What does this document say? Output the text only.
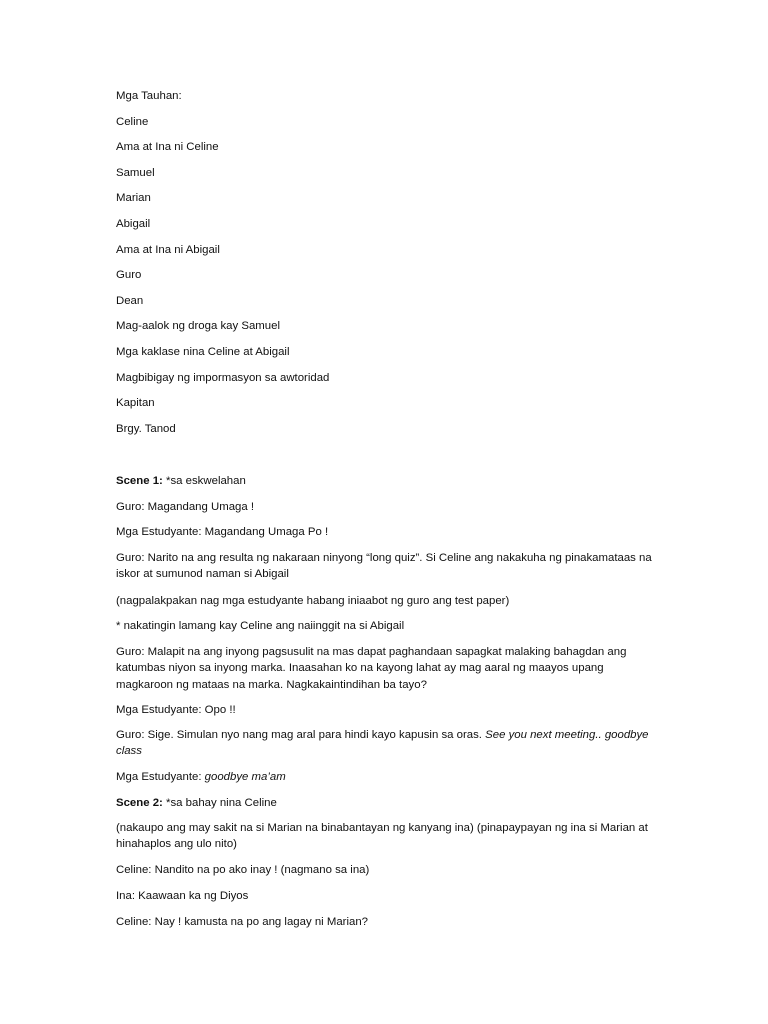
Mga Tauhan:
Celine
Ama at Ina ni Celine
Samuel
Marian
Abigail
Ama at Ina ni Abigail
Guro
Dean
Mag-aalok ng droga kay Samuel
Mga kaklase nina Celine at Abigail
Magbibigay ng impormasyon sa awtoridad
Kapitan
Brgy. Tanod
Scene 1: *sa eskwelahan
Guro: Magandang Umaga !
Mga Estudyante: Magandang Umaga Po !
Guro: Narito na ang resulta ng nakaraan ninyong “long quiz”. Si Celine ang nakakuha ng pinakamataas na iskor at sumunod naman si Abigail
(nagpalakpakan nag mga estudyante habang iniaabot ng guro ang test paper)
* nakatingin lamang kay Celine ang naiinggit na si Abigail
Guro: Malapit na ang inyong pagsusulit na mas dapat paghandaan sapagkat malaking bahagdan ang katumbas niyon sa inyong marka. Inaasahan ko na kayong lahat ay mag aaral ng maayos upang magkaroon ng mataas na marka. Nagkakaintindihan ba tayo?
Mga Estudyante: Opo !!
Guro: Sige. Simulan nyo nang mag aral para hindi kayo kapusin sa oras. See you next meeting.. goodbye class
Mga Estudyante: goodbye ma’am
Scene 2: *sa bahay nina Celine
(nakaupo ang may sakit na si Marian na binabantayan ng kanyang ina) (pinapaypayan ng ina si Marian at hinahaplos ang ulo nito)
Celine: Nandito na po ako inay ! (nagmano sa ina)
Ina: Kaawaan ka ng Diyos
Celine: Nay ! kamusta na po ang lagay ni Marian?
